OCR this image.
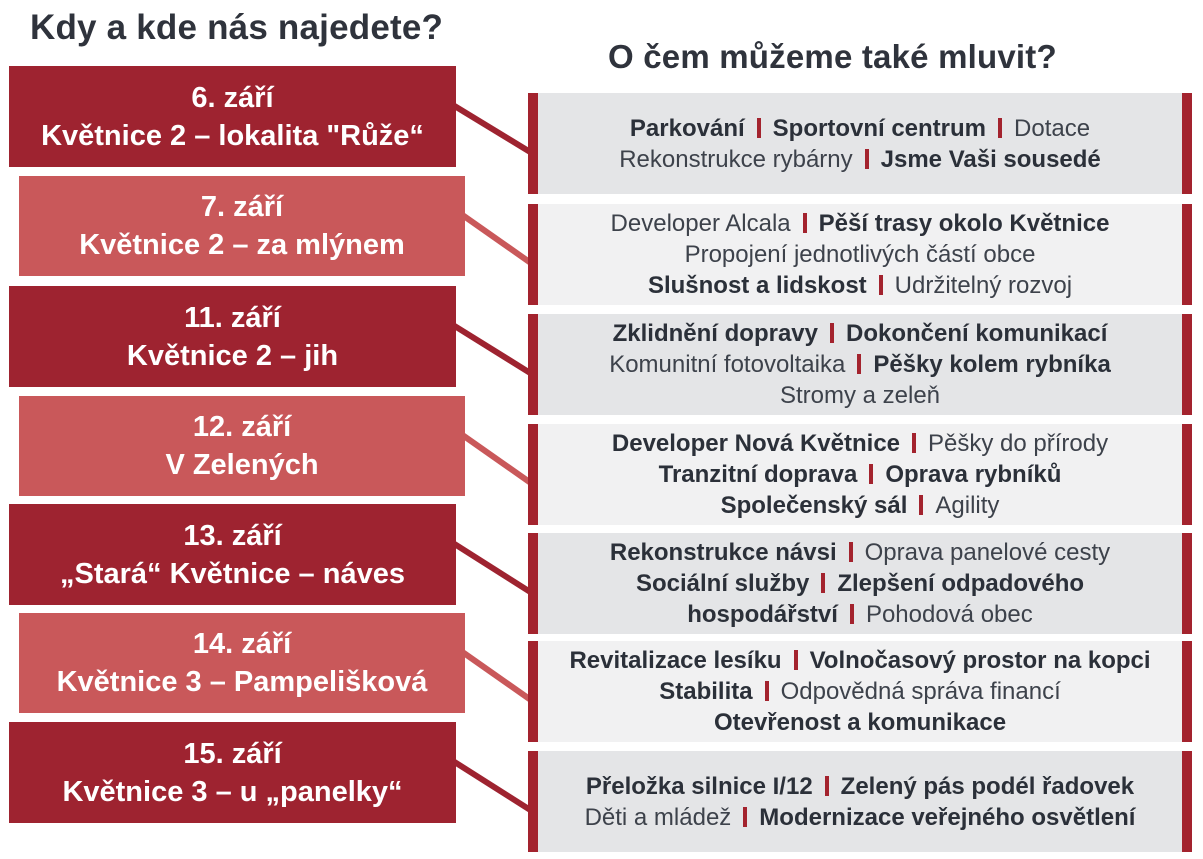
Kdy a kde nás najedete?
O čem můžeme také mluvit?
6. září
Květnice 2 – lokalita "Růže“	Parkování Sportovní centrum Dotace
Rekonstrukce rybárny Jsme Vaši sousedé
7. září
Květnice 2 – za mlýnem
Developer Alcala Pěší trasy okolo Květnice
Propojení jednotlivých částí obce
Slušnost a lidskost Udržitelný rozvoj
11. září
Květnice 2 – jih
Zklidnění dopravy Dokončení komunikací
Komunitní fotovoltaika Pěšky kolem rybníka
Stromy a zeleň
12. září
V Zelených
Developer Nová Květnice Pěšky do přírody
Tranzitní doprava Oprava rybníků
Společenský sál Agility
13. září
„Stará“ Květnice – náves
Rekonstrukce návsi Oprava panelové cesty
Sociální služby Zlepšení odpadového
hospodářství Pohodová obec
14. září
Květnice 3 – Pampelišková
Revitalizace lesíku Volnočasový prostor na kopci
Stabilita Odpovědná správa financí
Otevřenost a komunikace
15. září
Květnice 3 – u „panelky“	Přeložka silnice I/12 Zelený pás podél řadovek
Děti a mládež Modernizace veřejného osvětlení
